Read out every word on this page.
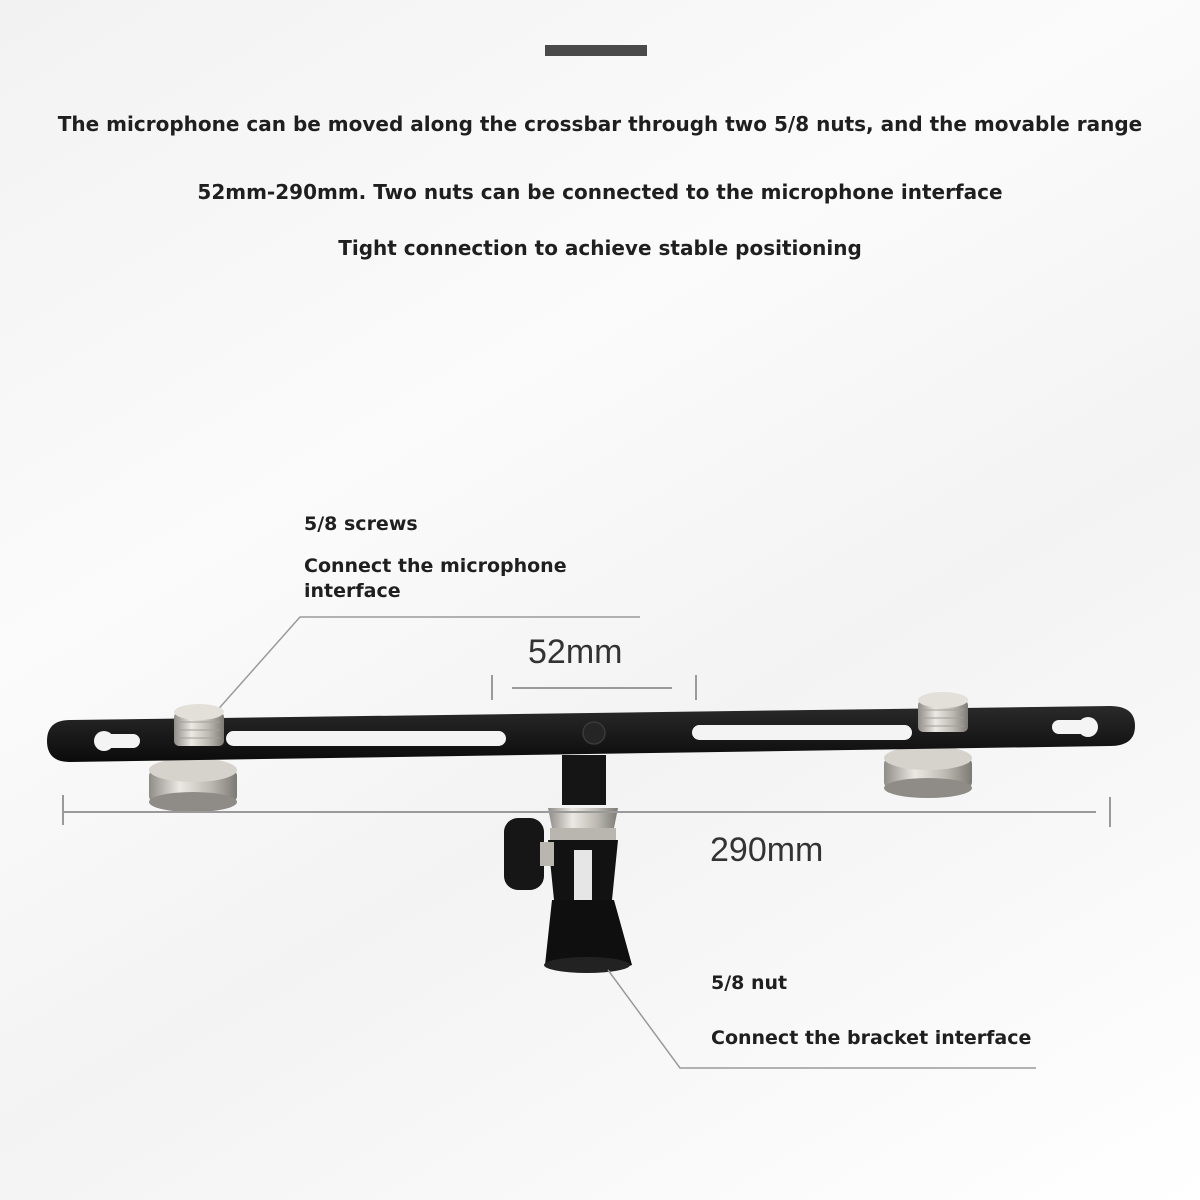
The microphone can be moved along the crossbar through two 5/8 nuts, and the movable range
52mm-290mm. Two nuts can be connected to the microphone interface
Tight connection to achieve stable positioning
52mm
290mm
5/8 screws
Connect the microphone interface
5/8 nut
Connect the bracket interface
